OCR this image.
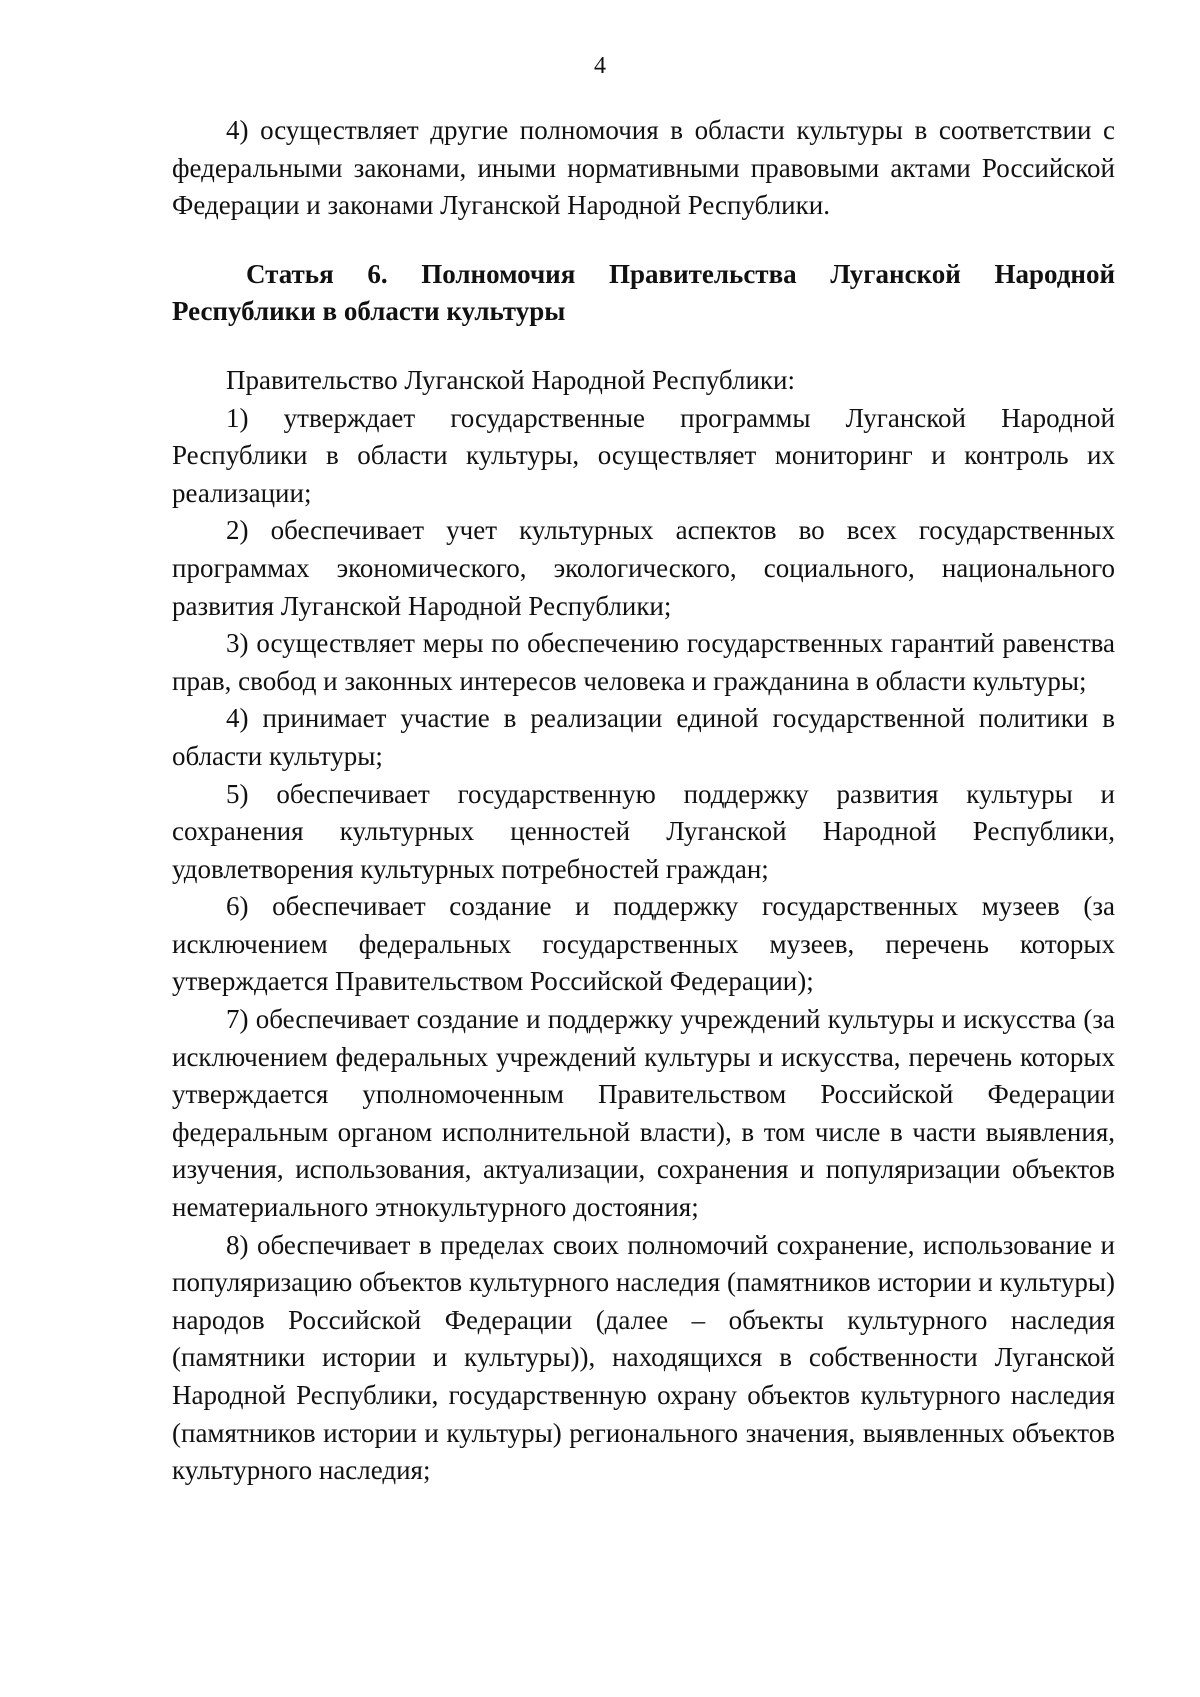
4

4) осуществляет другие полномочия в области культуры в соответствии с федеральными законами, иными нормативными правовыми актами Российской Федерации и законами Луганской Народной Республики.

Статья 6. Полномочия Правительства Луганской Народной Республики в области культуры

Правительство Луганской Народной Республики:

1) утверждает государственные программы Луганской Народной Республики в области культуры, осуществляет мониторинг и контроль их реализации;

2) обеспечивает учет культурных аспектов во всех государственных программах экономического, экологического, социального, национального развития Луганской Народной Республики;

3) осуществляет меры по обеспечению государственных гарантий равенства прав, свобод и законных интересов человека и гражданина в области культуры;

4) принимает участие в реализации единой государственной политики в области культуры;

5) обеспечивает государственную поддержку развития культуры и сохранения культурных ценностей Луганской Народной Республики, удовлетворения культурных потребностей граждан;

6) обеспечивает создание и поддержку государственных музеев (за исключением федеральных государственных музеев, перечень которых утверждается Правительством Российской Федерации);

7) обеспечивает создание и поддержку учреждений культуры и искусства (за исключением федеральных учреждений культуры и искусства, перечень которых утверждается уполномоченным Правительством Российской Федерации федеральным органом исполнительной власти), в том числе в части выявления, изучения, использования, актуализации, сохранения и популяризации объектов нематериального этнокультурного достояния;

8) обеспечивает в пределах своих полномочий сохранение, использование и популяризацию объектов культурного наследия (памятников истории и культуры) народов Российской Федерации (далее – объекты культурного наследия (памятники истории и культуры)), находящихся в собственности Луганской Народной Республики, государственную охрану объектов культурного наследия (памятников истории и культуры) регионального значения, выявленных объектов культурного наследия;
